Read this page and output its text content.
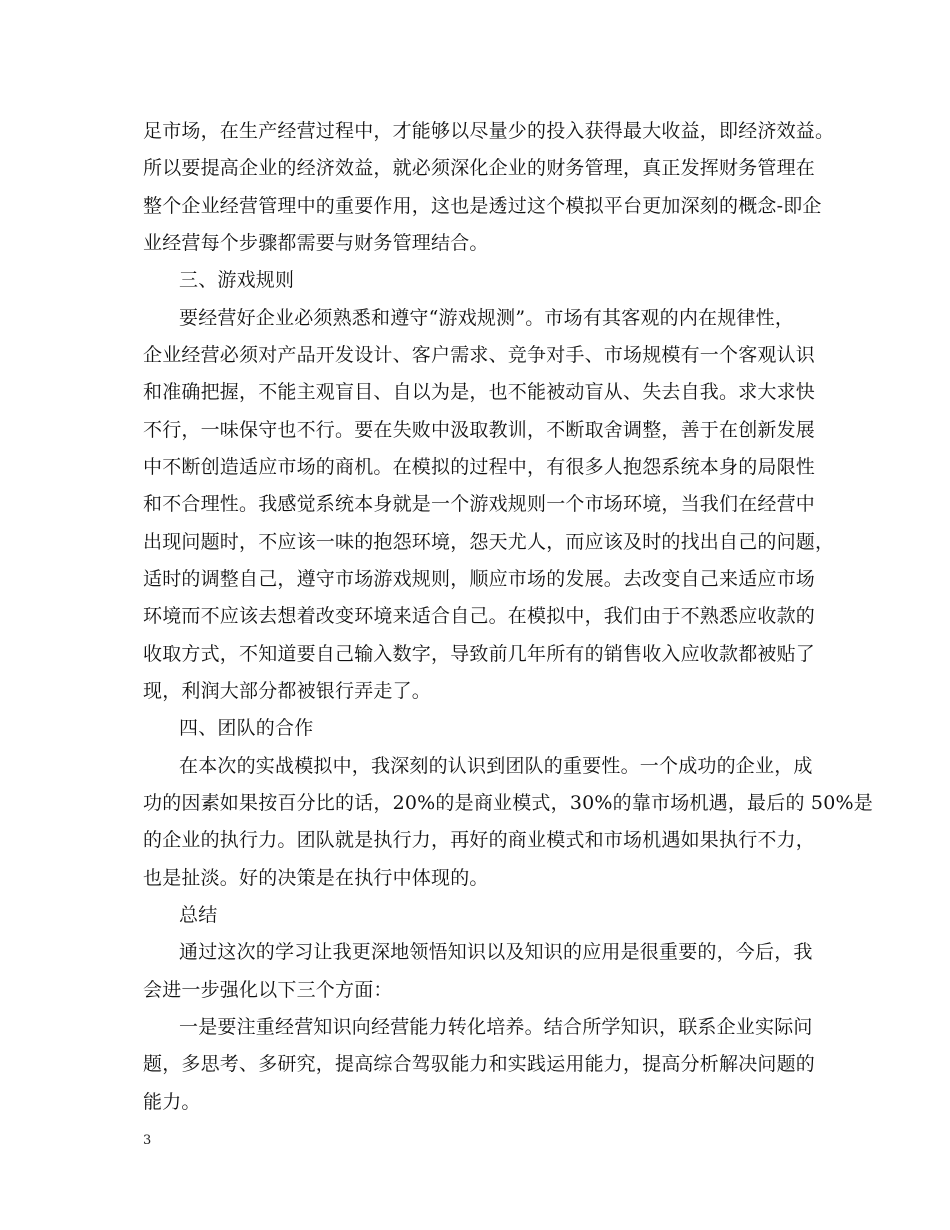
足市场，在生产经营过程中，才能够以尽量少的投入获得最大收益，即经济效益。
所以要提高企业的经济效益，就必须深化企业的财务管理，真正发挥财务管理在
整个企业经营管理中的重要作用，这也是透过这个模拟平台更加深刻的概念-即企
业经营每个步骤都需要与财务管理结合。
三、游戏规则
要经营好企业必须熟悉和遵守“游戏规测”。市场有其客观的内在规律性，
企业经营必须对产品开发设计、客户需求、竞争对手、市场规模有一个客观认识
和准确把握，不能主观盲目、自以为是，也不能被动盲从、失去自我。求大求快
不行，一味保守也不行。要在失败中汲取教训，不断取舍调整，善于在创新发展
中不断创造适应市场的商机。在模拟的过程中，有很多人抱怨系统本身的局限性
和不合理性。我感觉系统本身就是一个游戏规则一个市场环境，当我们在经营中
出现问题时，不应该一味的抱怨环境，怨天尤人，而应该及时的找出自己的问题，
适时的调整自己，遵守市场游戏规则，顺应市场的发展。去改变自己来适应市场
环境而不应该去想着改变环境来适合自己。在模拟中，我们由于不熟悉应收款的
收取方式，不知道要自己输入数字，导致前几年所有的销售收入应收款都被贴了
现，利润大部分都被银行弄走了。
四、团队的合作
在本次的实战模拟中，我深刻的认识到团队的重要性。一个成功的企业，成
功的因素如果按百分比的话，20%的是商业模式，30%的靠市场机遇，最后的 50%是
的企业的执行力。团队就是执行力，再好的商业模式和市场机遇如果执行不力，
也是扯淡。好的决策是在执行中体现的。
总结
通过这次的学习让我更深地领悟知识以及知识的应用是很重要的，今后，我
会进一步强化以下三个方面：
一是要注重经营知识向经营能力转化培养。结合所学知识，联系企业实际问
题，多思考、多研究，提高综合驾驭能力和实践运用能力，提高分析解决问题的
能力。
3
